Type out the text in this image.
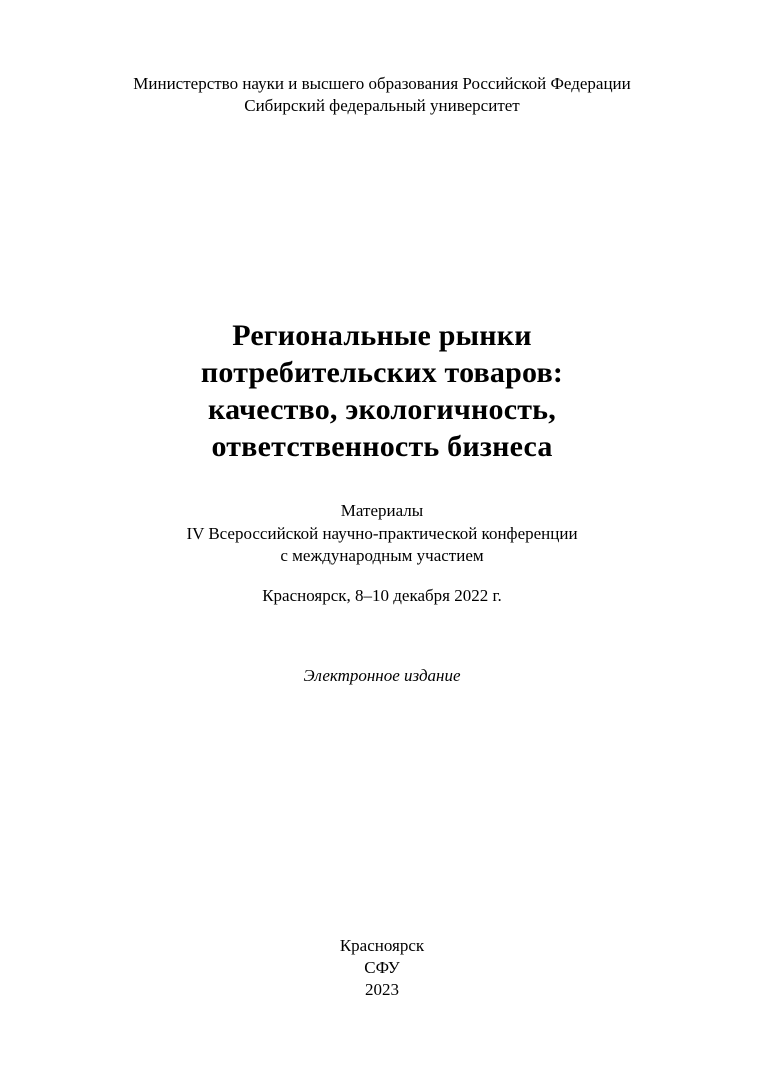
Министерство науки и высшего образования Российской Федерации
Сибирский федеральный университет
Региональные рынки
потребительских товаров:
качество, экологичность,
ответственность бизнеса
Материалы
IV Всероссийской научно-практической конференции
с международным участием
Красноярск, 8–10 декабря 2022 г.
Электронное издание
Красноярск
СФУ
2023
